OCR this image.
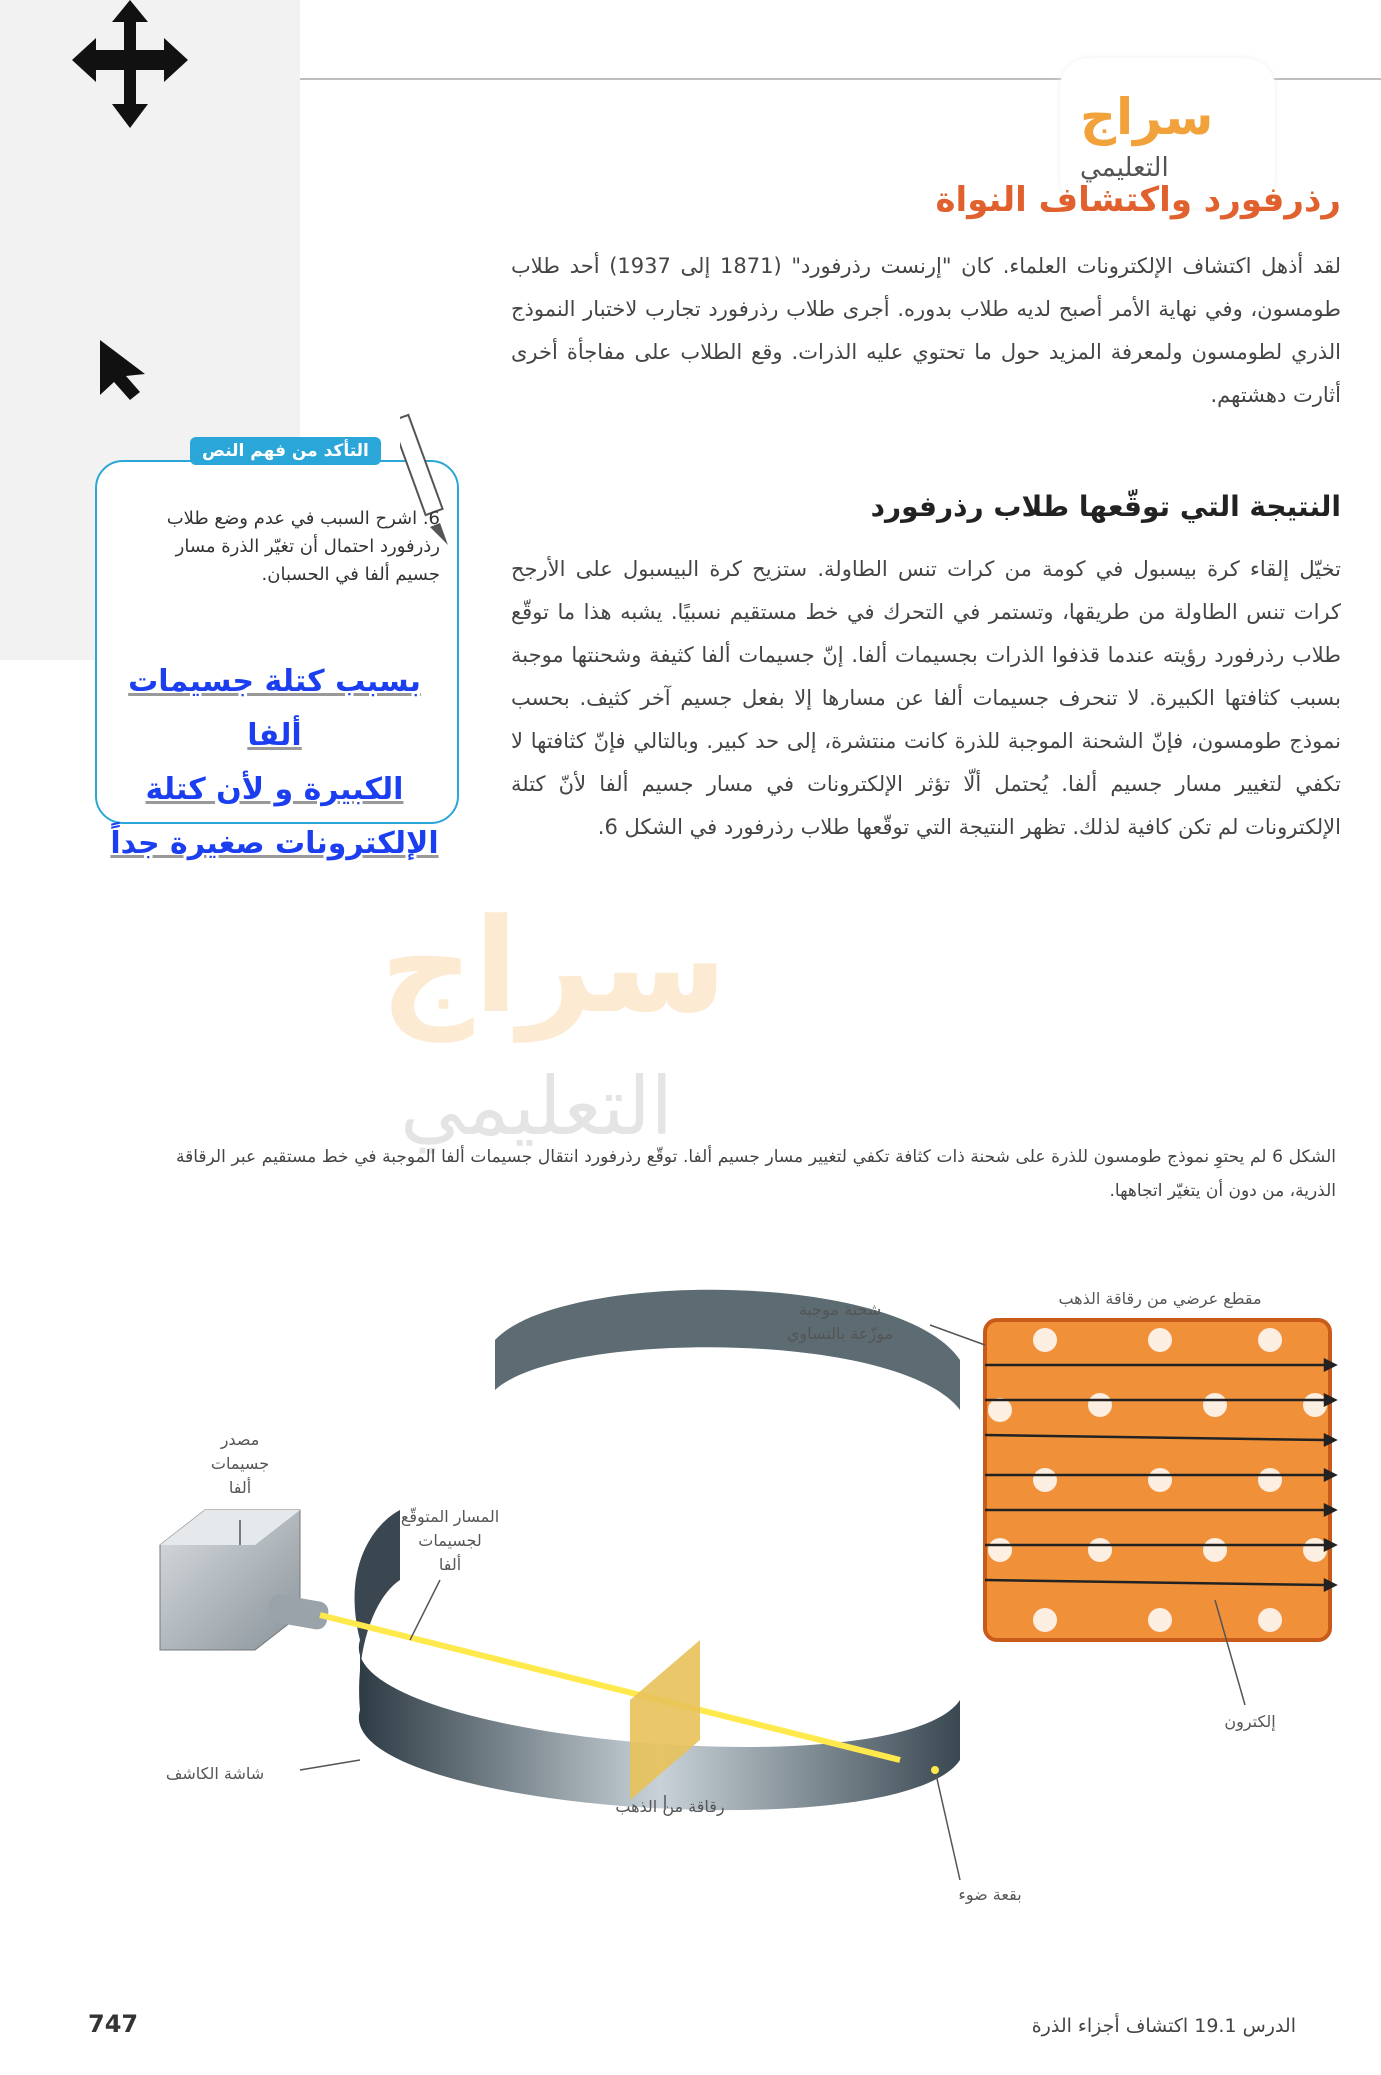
سراج
التعليمي
سراج
التعليمي
رذرفورد واكتشاف النواة
لقد أذهل اكتشاف الإلكترونات العلماء. كان "إرنست رذرفورد" (1871 إلى 1937) أحد طلاب طومسون، وفي نهاية الأمر أصبح لديه طلاب بدوره. أجرى طلاب رذرفورد تجارب لاختبار النموذج الذري لطومسون ولمعرفة المزيد حول ما تحتوي عليه الذرات. وقع الطلاب على مفاجأة أخرى أثارت دهشتهم.
النتيجة التي توقّعها طلاب رذرفورد
تخيّل إلقاء كرة بيسبول في كومة من كرات تنس الطاولة. ستزيح كرة البيسبول على الأرجح كرات تنس الطاولة من طريقها، وتستمر في التحرك في خط مستقيم نسبيًا. يشبه هذا ما توقّع طلاب رذرفورد رؤيته عندما قذفوا الذرات بجسيمات ألفا. إنّ جسيمات ألفا كثيفة وشحنتها موجبة بسبب كثافتها الكبيرة. لا تنحرف جسيمات ألفا عن مسارها إلا بفعل جسيم آخر كثيف. بحسب نموذج طومسون، فإنّ الشحنة الموجبة للذرة كانت منتشرة، إلى حد كبير. وبالتالي فإنّ كثافتها لا تكفي لتغيير مسار جسيم ألفا. يُحتمل ألّا تؤثر الإلكترونات في مسار جسيم ألفا لأنّ كتلة الإلكترونات لم تكن كافية لذلك. تظهر النتيجة التي توقّعها طلاب رذرفورد في الشكل 6.
التأكد من فهم النص
6. اشرح السبب في عدم وضع طلاب رذرفورد احتمال أن تغيّر الذرة مسار جسيم ألفا في الحسبان.
بسبب كتلة جسيمات ألفا
الكبيرة و لأن كتلة
الإلكترونات صغيرة جداً
الشكل 6 لم يحتوِ نموذج طومسون للذرة على شحنة ذات كثافة تكفي لتغيير مسار جسيم ألفا. توقّع رذرفورد انتقال جسيمات ألفا الموجبة في خط مستقيم عبر الرقاقة الذرية، من دون أن يتغيّر اتجاهها.
مقطع عرضي من رقاقة الذهب
شحنة موجبة
موزّعة بالتساوي
مصدر
جسيمات
ألفا
المسار المتوقّع
لجسيمات
ألفا
شاشة الكاشف
رقاقة من الذهب
بقعة ضوء
إلكترون
الدرس 19.1 اكتشاف أجزاء الذرة
747
